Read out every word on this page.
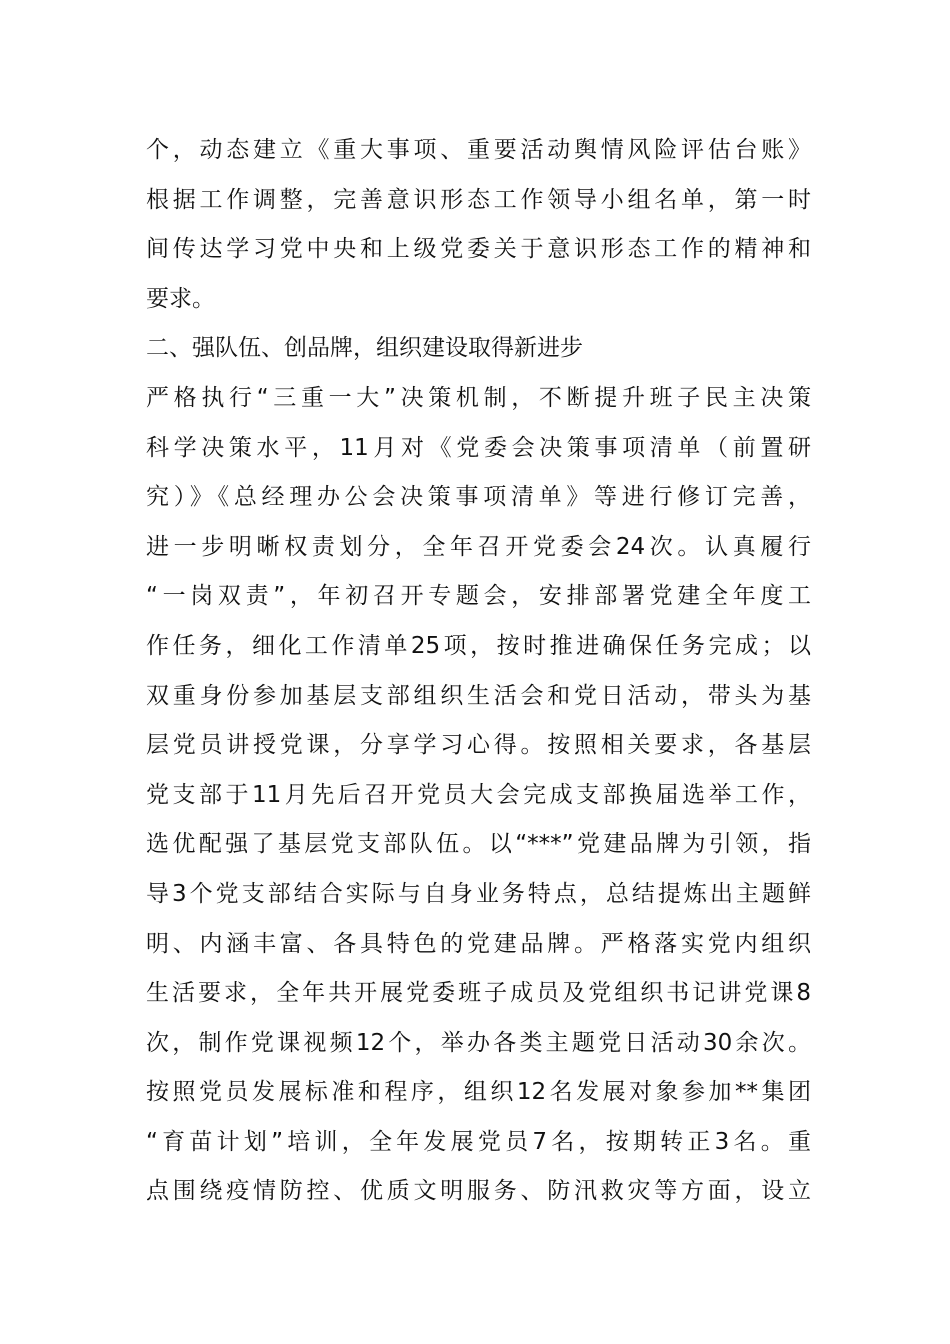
个，动态建立《重大事项、重要活动舆情风险评估台账》
根据工作调整，完善意识形态工作领导小组名单，第一时
间传达学习党中央和上级党委关于意识形态工作的精神和
要求。
二、强队伍、创品牌，组织建设取得新进步
严格执行“三重一大”决策机制，不断提升班子民主决策
科学决策水平，11月对《党委会决策事项清单（前置研
究）》《总经理办公会决策事项清单》等进行修订完善，
进一步明晰权责划分，全年召开党委会24次。认真履行
“一岗双责”，年初召开专题会，安排部署党建全年度工
作任务，细化工作清单25项，按时推进确保任务完成；以
双重身份参加基层支部组织生活会和党日活动，带头为基
层党员讲授党课，分享学习心得。按照相关要求，各基层
党支部于11月先后召开党员大会完成支部换届选举工作，
选优配强了基层党支部队伍。以“***”党建品牌为引领，指
导3个党支部结合实际与自身业务特点，总结提炼出主题鲜
明、内涵丰富、各具特色的党建品牌。严格落实党内组织
生活要求，全年共开展党委班子成员及党组织书记讲党课8
次，制作党课视频12个，举办各类主题党日活动30余次。
按照党员发展标准和程序，组织12名发展对象参加**集团
“育苗计划”培训，全年发展党员7名，按期转正3名。重
点围绕疫情防控、优质文明服务、防汛救灾等方面，设立
